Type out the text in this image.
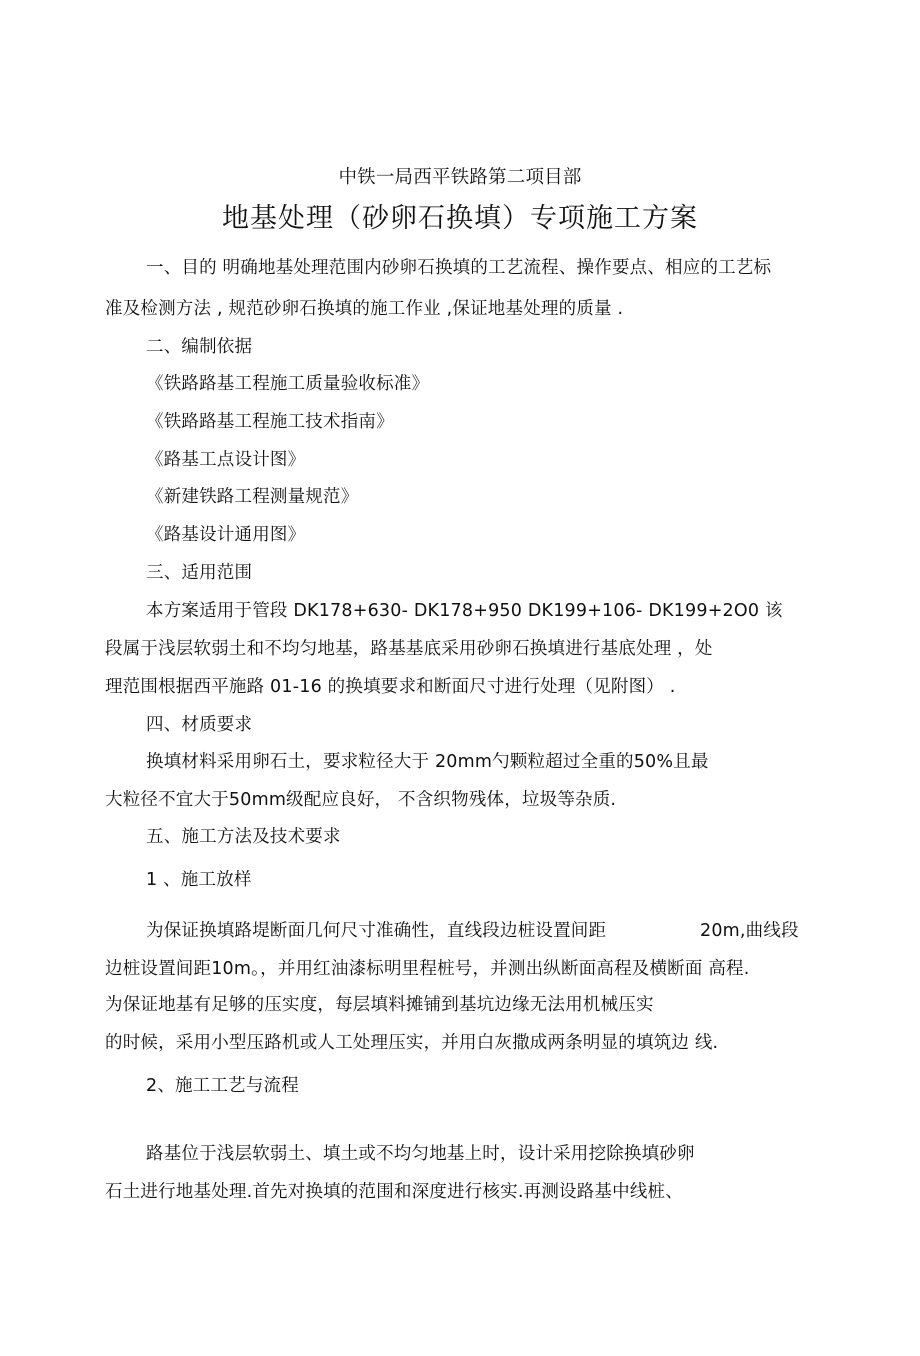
中铁一局西平铁路第二项目部
地基处理（砂卵石换填）专项施工方案
一、目的 明确地基处理范围内砂卵石换填的工艺流程、操作要点、相应的工艺标
准及检测方法 , 规范砂卵石换填的施工作业 ,保证地基处理的质量 .
二、编制依据
《铁路路基工程施工质量验收标准》
《铁路路基工程施工技术指南》
《路基工点设计图》
《新建铁路工程测量规范》
《路基设计通用图》
三、适用范围
本方案适用于管段 DK178+630- DK178+950 DK199+106- DK199+2O0 该
段属于浅层软弱土和不均匀地基，路基基底采用砂卵石换填进行基底处理 ，处
理范围根据西平施路 01-16 的换填要求和断面尺寸进行处理（见附图） .
四、材质要求
换填材料采用卵石土，要求粒径大于 20mm勺颗粒超过全重的50%且最
大粒径不宜大于50mm级配应良好， 不含织物残体，垃圾等杂质.
五、施工方法及技术要求
1 、施工放样
为保证换填路堤断面几何尺寸准确性，直线段边桩设置间距	20m,曲线段
边桩设置间距10m。，并用红油漆标明里程桩号，并测出纵断面高程及横断面 高程.
为保证地基有足够的压实度，每层填料摊铺到基坑边缘无法用机械压实
的时候，采用小型压路机或人工处理压实，并用白灰撒成两条明显的填筑边 线.
2、施工工艺与流程
路基位于浅层软弱土、填土或不均匀地基上时，设计采用挖除换填砂卵
石土进行地基处理.首先对换填的范围和深度进行核实.再测设路基中线桩、
